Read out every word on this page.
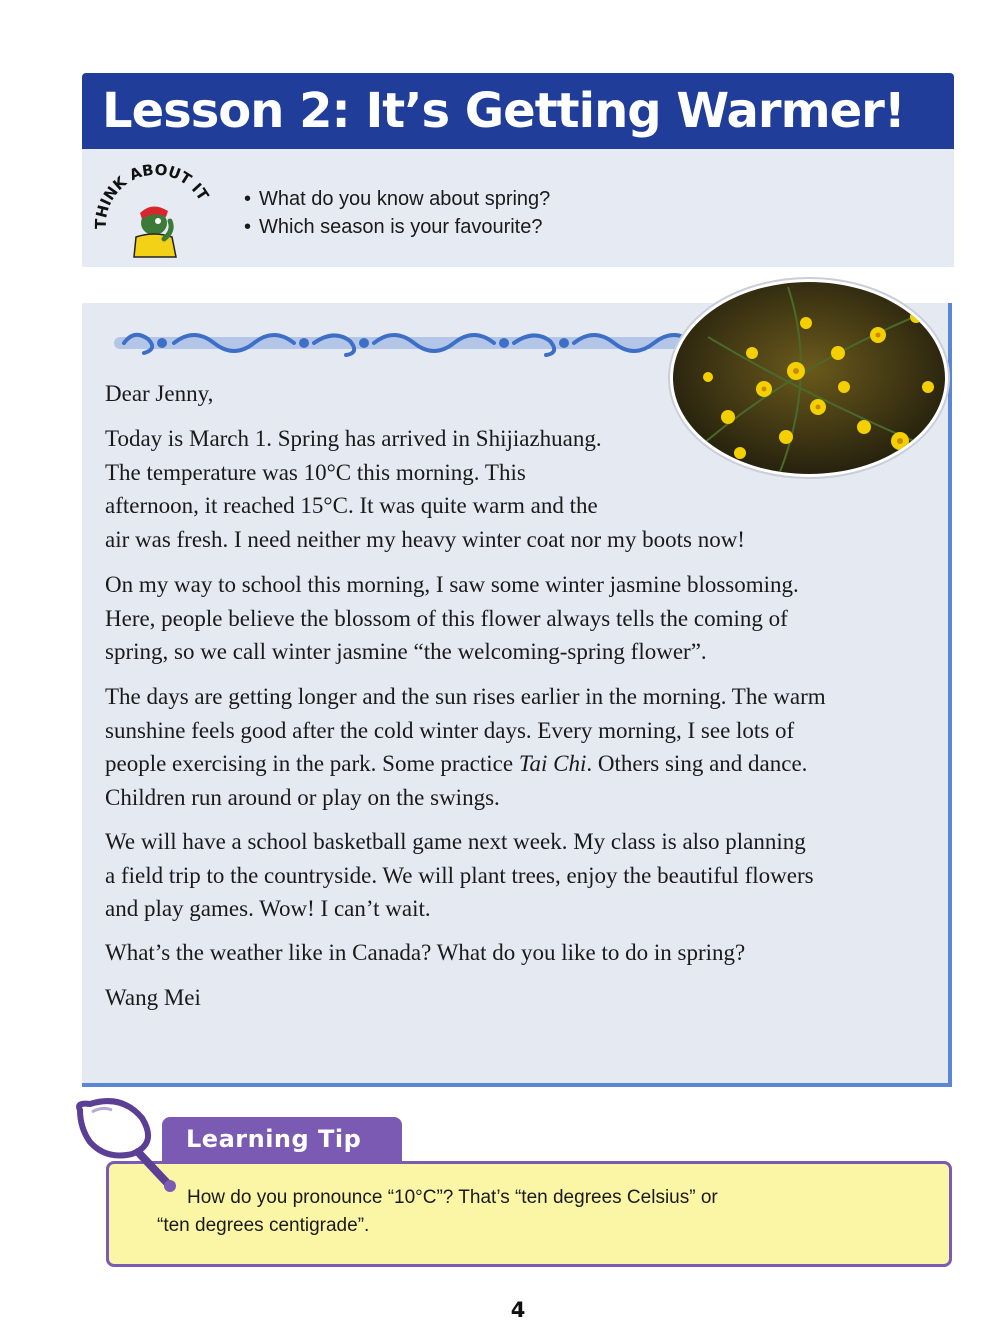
Lesson 2: It’s Getting Warmer!
THINK ABOUT IT
•	What do you know about spring?
• Which season is your favourite?

Dear Jenny,

Today is March 1. Spring has arrived in Shijiazhuang.
The temperature was 10°C this morning. This
afternoon, it reached 15°C. It was quite warm and the
air was fresh. I need neither my heavy winter coat nor my boots now!

On my way to school this morning, I saw some winter jasmine blossoming.
Here, people believe the blossom of this flower always tells the coming of
spring, so we call winter jasmine “the welcoming-spring flower”.

The days are getting longer and the sun rises earlier in the morning. The warm
sunshine feels good after the cold winter days. Every morning, I see lots of
people exercising in the park. Some practice Tai Chi. Others sing and dance.
Children run around or play on the swings.

We will have a school basketball game next week. My class is also planning
a field trip to the countryside. We will plant trees, enjoy the beautiful flowers
and play games. Wow! I can’t wait.

What’s the weather like in Canada? What do you like to do in spring?

Wang Mei

How do you pronounce “10°C”? That’s “ten degrees Celsius” or
“ten degrees centigrade”.

Learning Tip

4
